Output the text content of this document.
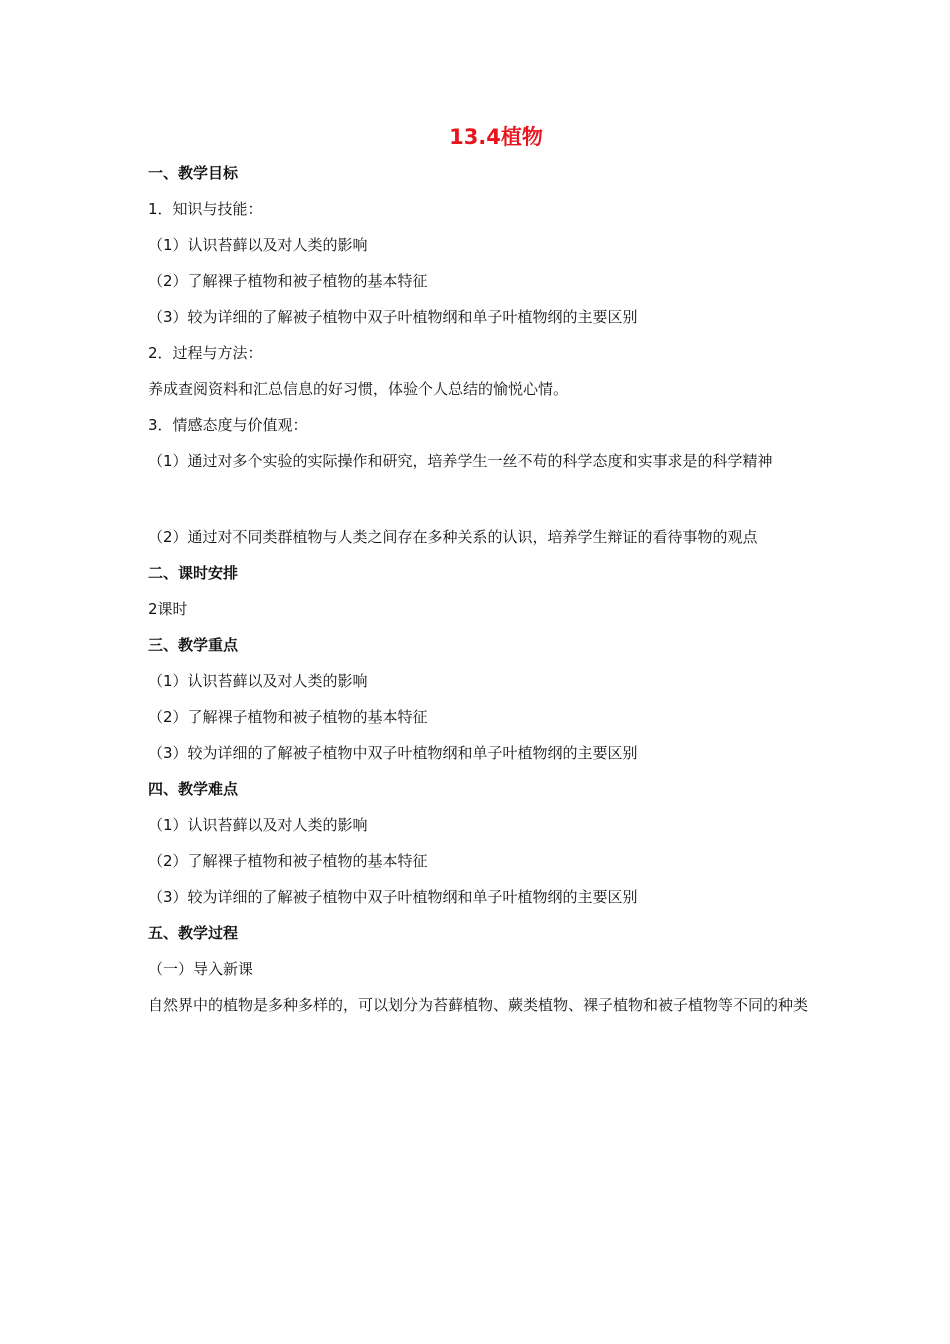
13.4植物
一、教学目标
1．知识与技能：
（1）认识苔藓以及对人类的影响
（2）了解裸子植物和被子植物的基本特征
（3）较为详细的了解被子植物中双子叶植物纲和单子叶植物纲的主要区别
2．过程与方法：
养成查阅资料和汇总信息的好习惯，体验个人总结的愉悦心情。
3．情感态度与价值观：
（1）通过对多个实验的实际操作和研究，培养学生一丝不苟的科学态度和实事求是的科学精神
（2）通过对不同类群植物与人类之间存在多种关系的认识，培养学生辩证的看待事物的观点
二、课时安排
2课时
三、教学重点
（1）认识苔藓以及对人类的影响
（2）了解裸子植物和被子植物的基本特征
（3）较为详细的了解被子植物中双子叶植物纲和单子叶植物纲的主要区别
四、教学难点
（1）认识苔藓以及对人类的影响
（2）了解裸子植物和被子植物的基本特征
（3）较为详细的了解被子植物中双子叶植物纲和单子叶植物纲的主要区别
五、教学过程
（一）导入新课
自然界中的植物是多种多样的，可以划分为苔藓植物、蕨类植物、裸子植物和被子植物等不同的种类
